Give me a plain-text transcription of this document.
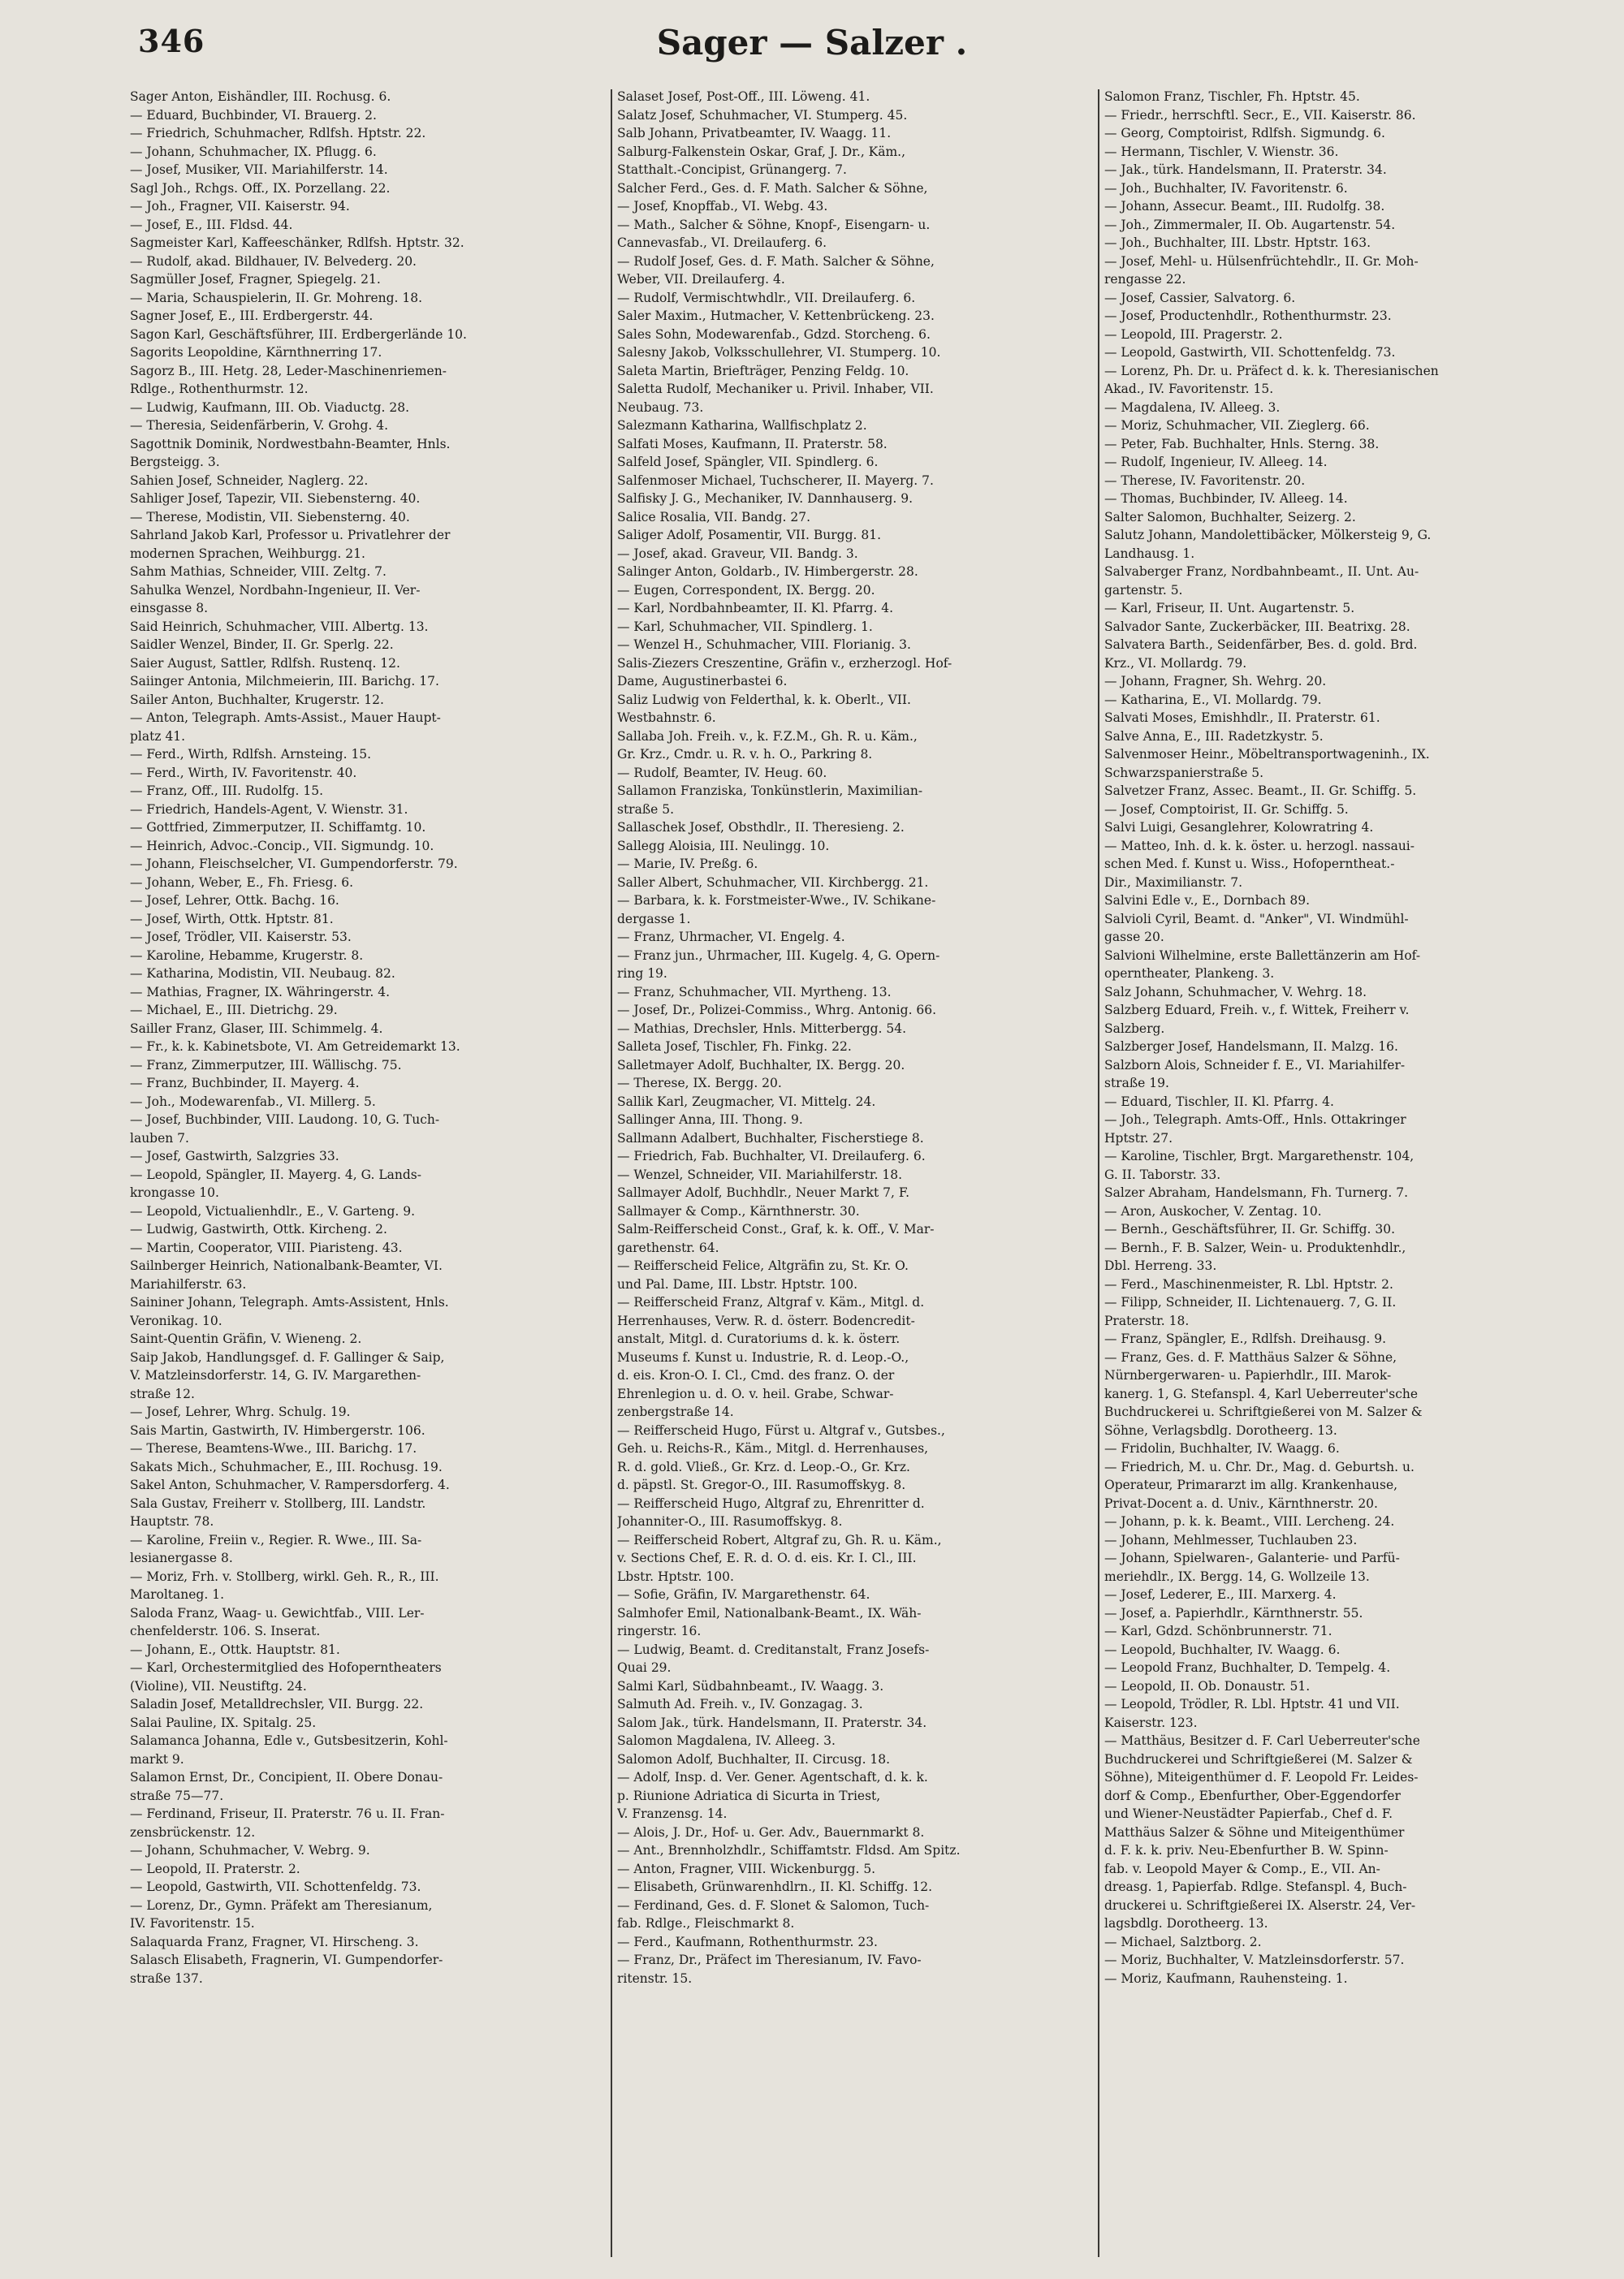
346	Sager — Salzer .

Sager Anton, Eishändler, III. Rochusg. 6.

— Eduard, Buchbinder, VI. Brauerg. 2.

— Friedrich, Schuhmacher, Rdlfsh. Hptstr. 22.

— Johann, Schuhmacher, IX. Pflugg. 6.

— Josef, Musiker, VII. Mariahilferstr. 14.

Sagl Joh., Rchgs. Off., IX. Porzellang. 22.

— Joh., Fragner, VII. Kaiserstr. 94.

— Josef, E., III. Fldsd. 44.

Sagmeister Karl, Kaffeeschänker, Rdlfsh. Hptstr. 32.

— Rudolf, akad. Bildhauer, IV. Belvederg. 20.

Sagmüller Josef, Fragner, Spiegelg. 21.

— Maria, Schauspielerin, II. Gr. Mohreng. 18.

Sagner Josef, E., III. Erdbergerstr. 44.

Sagon Karl, Geschäftsführer, III. Erdbergerlände 10.

Sagorits Leopoldine, Kärnthnerring 17.

Sagorz B., III. Hetg. 28, Leder-Maschinenriemen-

Rdlge., Rothenthurmstr. 12.

— Ludwig, Kaufmann, III. Ob. Viaductg. 28.

— Theresia, Seidenfärberin, V. Grohg. 4.

Sagottnik Dominik, Nordwestbahn-Beamter, Hnls.

Bergsteigg. 3.

Sahien Josef, Schneider, Naglerg. 22.

Sahliger Josef, Tapezir, VII. Siebensterng. 40.

— Therese, Modistin, VII. Siebensterng. 40.

Sahrland Jakob Karl, Professor u. Privatlehrer der

modernen Sprachen, Weihburgg. 21.

Sahm Mathias, Schneider, VIII. Zeltg. 7.

Sahulka Wenzel, Nordbahn-Ingenieur, II. Ver-

einsgasse 8.

Said Heinrich, Schuhmacher, VIII. Albertg. 13.

Saidler Wenzel, Binder, II. Gr. Sperlg. 22.

Saier August, Sattler, Rdlfsh. Rustenq. 12.

Saiinger Antonia, Milchmeierin, III. Barichg. 17.

Sailer Anton, Buchhalter, Krugerstr. 12.

— Anton, Telegraph. Amts-Assist., Mauer Haupt-

platz 41.

— Ferd., Wirth, Rdlfsh. Arnsteing. 15.

— Ferd., Wirth, IV. Favoritenstr. 40.

— Franz, Off., III. Rudolfg. 15.

— Friedrich, Handels-Agent, V. Wienstr. 31.

— Gottfried, Zimmerputzer, II. Schiffamtg. 10.

— Heinrich, Advoc.-Concip., VII. Sigmundg. 10.

— Johann, Fleischselcher, VI. Gumpendorferstr. 79.

— Johann, Weber, E., Fh. Friesg. 6.

— Josef, Lehrer, Ottk. Bachg. 16.

— Josef, Wirth, Ottk. Hptstr. 81.

— Josef, Trödler, VII. Kaiserstr. 53.

— Karoline, Hebamme, Krugerstr. 8.

— Katharina, Modistin, VII. Neubaug. 82.

— Mathias, Fragner, IX. Währingerstr. 4.

— Michael, E., III. Dietrichg. 29.

Sailler Franz, Glaser, III. Schimmelg. 4.

— Fr., k. k. Kabinetsbote, VI. Am Getreidemarkt 13.

— Franz, Zimmerputzer, III. Wällischg. 75.

— Franz, Buchbinder, II. Mayerg. 4.

— Joh., Modewarenfab., VI. Millerg. 5.

— Josef, Buchbinder, VIII. Laudong. 10, G. Tuch-

lauben 7.

— Josef, Gastwirth, Salzgries 33.

— Leopold, Spängler, II. Mayerg. 4, G. Lands-

krongasse 10.

— Leopold, Victualienhdlr., E., V. Garteng. 9.

— Ludwig, Gastwirth, Ottk. Kircheng. 2.

— Martin, Cooperator, VIII. Piaristeng. 43.

Sailnberger Heinrich, Nationalbank-Beamter, VI.

Mariahilferstr. 63.

Saininer Johann, Telegraph. Amts-Assistent, Hnls.

Veronikag. 10.

Saint-Quentin Gräfin, V. Wieneng. 2.

Saip Jakob, Handlungsgef. d. F. Gallinger & Saip,

V. Matzleinsdorferstr. 14, G. IV. Margarethen-

straße 12.

— Josef, Lehrer, Whrg. Schulg. 19.

Sais Martin, Gastwirth, IV. Himbergerstr. 106.

— Therese, Beamtens-Wwe., III. Barichg. 17.

Sakats Mich., Schuhmacher, E., III. Rochusg. 19.

Sakel Anton, Schuhmacher, V. Rampersdorferg. 4.

Sala Gustav, Freiherr v. Stollberg, III. Landstr.

Hauptstr. 78.

— Karoline, Freiin v., Regier. R. Wwe., III. Sa-

lesianergasse 8.

— Moriz, Frh. v. Stollberg, wirkl. Geh. R., R., III.

Maroltaneg. 1.

Saloda Franz, Waag- u. Gewichtfab., VIII. Ler-

chenfelderstr. 106. S. Inserat.

— Johann, E., Ottk. Hauptstr. 81.

— Karl, Orchestermitglied des Hofoperntheaters

(Violine), VII. Neustiftg. 24.

Saladin Josef, Metalldrechsler, VII. Burgg. 22.

Salai Pauline, IX. Spitalg. 25.

Salamanca Johanna, Edle v., Gutsbesitzerin, Kohl-

markt 9.

Salamon Ernst, Dr., Concipient, II. Obere Donau-

straße 75—77.

— Ferdinand, Friseur, II. Praterstr. 76 u. II. Fran-

zensbrückenstr. 12.

— Johann, Schuhmacher, V. Webrg. 9.

— Leopold, II. Praterstr. 2.

— Leopold, Gastwirth, VII. Schottenfeldg. 73.

— Lorenz, Dr., Gymn. Präfekt am Theresianum,

IV. Favoritenstr. 15.

Salaquarda Franz, Fragner, VI. Hirscheng. 3.

Salasch Elisabeth, Fragnerin, VI. Gumpendorfer-

straße 137.

Salaset Josef, Post-Off., III. Löweng. 41.

Salatz Josef, Schuhmacher, VI. Stumperg. 45.

Salb Johann, Privatbeamter, IV. Waagg. 11.

Salburg-Falkenstein Oskar, Graf, J. Dr., Käm.,

Statthalt.-Concipist, Grünangerg. 7.

Salcher Ferd., Ges. d. F. Math. Salcher & Söhne,

— Josef, Knopffab., VI. Webg. 43.

— Math., Salcher & Söhne, Knopf-, Eisengarn- u.

Cannevasfab., VI. Dreilauferg. 6.

— Rudolf Josef, Ges. d. F. Math. Salcher & Söhne,

Weber, VII. Dreilauferg. 4.

— Rudolf, Vermischtwhdlr., VII. Dreilauferg. 6.

Saler Maxim., Hutmacher, V. Kettenbrückeng. 23.

Sales Sohn, Modewarenfab., Gdzd. Storcheng. 6.

Salesny Jakob, Volksschullehrer, VI. Stumperg. 10.

Saleta Martin, Briefträger, Penzing Feldg. 10.

Saletta Rudolf, Mechaniker u. Privil. Inhaber, VII.

Neubaug. 73.

Salezmann Katharina, Wallfischplatz 2.

Salfati Moses, Kaufmann, II. Praterstr. 58.

Salfeld Josef, Spängler, VII. Spindlerg. 6.

Salfenmoser Michael, Tuchscherer, II. Mayerg. 7.

Salfisky J. G., Mechaniker, IV. Dannhauserg. 9.

Salice Rosalia, VII. Bandg. 27.

Saliger Adolf, Posamentir, VII. Burgg. 81.

— Josef, akad. Graveur, VII. Bandg. 3.

Salinger Anton, Goldarb., IV. Himbergerstr. 28.

— Eugen, Correspondent, IX. Bergg. 20.

— Karl, Nordbahnbeamter, II. Kl. Pfarrg. 4.

— Karl, Schuhmacher, VII. Spindlerg. 1.

— Wenzel H., Schuhmacher, VIII. Florianig. 3.

Salis-Ziezers Creszentine, Gräfin v., erzherzogl. Hof-

Dame, Augustinerbastei 6.

Saliz Ludwig von Felderthal, k. k. Oberlt., VII.

Westbahnstr. 6.

Sallaba Joh. Freih. v., k. F.Z.M., Gh. R. u. Käm.,

Gr. Krz., Cmdr. u. R. v. h. O., Parkring 8.

— Rudolf, Beamter, IV. Heug. 60.

Sallamon Franziska, Tonkünstlerin, Maximilian-

straße 5.

Sallaschek Josef, Obsthdlr., II. Theresieng. 2.

Sallegg Aloisia, III. Neulingg. 10.

— Marie, IV. Preßg. 6.

Saller Albert, Schuhmacher, VII. Kirchbergg. 21.

— Barbara, k. k. Forstmeister-Wwe., IV. Schikane-

dergasse 1.

— Franz, Uhrmacher, VI. Engelg. 4.

— Franz jun., Uhrmacher, III. Kugelg. 4, G. Opern-

ring 19.

— Franz, Schuhmacher, VII. Myrtheng. 13.

— Josef, Dr., Polizei-Commiss., Whrg. Antonig. 66.

— Mathias, Drechsler, Hnls. Mitterbergg. 54.

Salleta Josef, Tischler, Fh. Finkg. 22.

Salletmayer Adolf, Buchhalter, IX. Bergg. 20.

— Therese, IX. Bergg. 20.

Sallik Karl, Zeugmacher, VI. Mittelg. 24.

Sallinger Anna, III. Thong. 9.

Sallmann Adalbert, Buchhalter, Fischerstiege 8.

— Friedrich, Fab. Buchhalter, VI. Dreilauferg. 6.

— Wenzel, Schneider, VII. Mariahilferstr. 18.

Sallmayer Adolf, Buchhdlr., Neuer Markt 7, F.

Sallmayer & Comp., Kärnthnerstr. 30.

Salm-Reifferscheid Const., Graf, k. k. Off., V. Mar-

garethenstr. 64.

— Reifferscheid Felice, Altgräfin zu, St. Kr. O.

und Pal. Dame, III. Lbstr. Hptstr. 100.

— Reifferscheid Franz, Altgraf v. Käm., Mitgl. d.

Herrenhauses, Verw. R. d. österr. Bodencredit-

anstalt, Mitgl. d. Curatoriums d. k. k. österr.

Museums f. Kunst u. Industrie, R. d. Leop.-O.,

d. eis. Kron-O. I. Cl., Cmd. des franz. O. der

Ehrenlegion u. d. O. v. heil. Grabe, Schwar-

zenbergstraße 14.

— Reifferscheid Hugo, Fürst u. Altgraf v., Gutsbes.,

Geh. u. Reichs-R., Käm., Mitgl. d. Herrenhauses,

R. d. gold. Vließ., Gr. Krz. d. Leop.-O., Gr. Krz.

d. päpstl. St. Gregor-O., III. Rasumoffskyg. 8.

— Reifferscheid Hugo, Altgraf zu, Ehrenritter d.

Johanniter-O., III. Rasumoffskyg. 8.

— Reifferscheid Robert, Altgraf zu, Gh. R. u. Käm.,

v. Sections Chef, E. R. d. O. d. eis. Kr. I. Cl., III.

Lbstr. Hptstr. 100.

— Sofie, Gräfin, IV. Margarethenstr. 64.

Salmhofer Emil, Nationalbank-Beamt., IX. Wäh-

ringerstr. 16.

— Ludwig, Beamt. d. Creditanstalt, Franz Josefs-

Quai 29.

Salmi Karl, Südbahnbeamt., IV. Waagg. 3.

Salmuth Ad. Freih. v., IV. Gonzagag. 3.

Salom Jak., türk. Handelsmann, II. Praterstr. 34.

Salomon Magdalena, IV. Alleeg. 3.

Salomon Adolf, Buchhalter, II. Circusg. 18.

— Adolf, Insp. d. Ver. Gener. Agentschaft, d. k. k.

p. Riunione Adriatica di Sicurta in Triest,

V. Franzensg. 14.

— Alois, J. Dr., Hof- u. Ger. Adv., Bauernmarkt 8.

— Ant., Brennholzhdlr., Schiffamtstr. Fldsd. Am Spitz.

— Anton, Fragner, VIII. Wickenburgg. 5.

— Elisabeth, Grünwarenhdlrn., II. Kl. Schiffg. 12.

— Ferdinand, Ges. d. F. Slonet & Salomon, Tuch-

fab. Rdlge., Fleischmarkt 8.

— Ferd., Kaufmann, Rothenthurmstr. 23.

— Franz, Dr., Präfect im Theresianum, IV. Favo-

ritenstr. 15.

Salomon Franz, Tischler, Fh. Hptstr. 45.

— Friedr., herrschftl. Secr., E., VII. Kaiserstr. 86.

— Georg, Comptoirist, Rdlfsh. Sigmundg. 6.

— Hermann, Tischler, V. Wienstr. 36.

— Jak., türk. Handelsmann, II. Praterstr. 34.

— Joh., Buchhalter, IV. Favoritenstr. 6.

— Johann, Assecur. Beamt., III. Rudolfg. 38.

— Joh., Zimmermaler, II. Ob. Augartenstr. 54.

— Joh., Buchhalter, III. Lbstr. Hptstr. 163.

— Josef, Mehl- u. Hülsenfrüchtehdlr., II. Gr. Moh-

rengasse 22.

— Josef, Cassier, Salvatorg. 6.

— Josef, Productenhdlr., Rothenthurmstr. 23.

— Leopold, III. Pragerstr. 2.

— Leopold, Gastwirth, VII. Schottenfeldg. 73.

— Lorenz, Ph. Dr. u. Präfect d. k. k. Theresianischen

Akad., IV. Favoritenstr. 15.

— Magdalena, IV. Alleeg. 3.

— Moriz, Schuhmacher, VII. Zieglerg. 66.

— Peter, Fab. Buchhalter, Hnls. Sterng. 38.

— Rudolf, Ingenieur, IV. Alleeg. 14.

— Therese, IV. Favoritenstr. 20.

— Thomas, Buchbinder, IV. Alleeg. 14.

Salter Salomon, Buchhalter, Seizerg. 2.

Salutz Johann, Mandolettibäcker, Mölkersteig 9, G.

Landhausg. 1.

Salvaberger Franz, Nordbahnbeamt., II. Unt. Au-

gartenstr. 5.

— Karl, Friseur, II. Unt. Augartenstr. 5.

Salvador Sante, Zuckerbäcker, III. Beatrixg. 28.

Salvatera Barth., Seidenfärber, Bes. d. gold. Brd.

Krz., VI. Mollardg. 79.

— Johann, Fragner, Sh. Wehrg. 20.

— Katharina, E., VI. Mollardg. 79.

Salvati Moses, Emishhdlr., II. Praterstr. 61.

Salve Anna, E., III. Radetzkystr. 5.

Salvenmoser Heinr., Möbeltransportwageninh., IX.

Schwarzspanierstraße 5.

Salvetzer Franz, Assec. Beamt., II. Gr. Schiffg. 5.

— Josef, Comptoirist, II. Gr. Schiffg. 5.

Salvi Luigi, Gesanglehrer, Kolowratring 4.

— Matteo, Inh. d. k. k. öster. u. herzogl. nassaui-

schen Med. f. Kunst u. Wiss., Hofoperntheat.-

Dir., Maximilianstr. 7.

Salvini Edle v., E., Dornbach 89.

Salvioli Cyril, Beamt. d. "Anker", VI. Windmühl-

gasse 20.

Salvioni Wilhelmine, erste Ballettänzerin am Hof-

operntheater, Plankeng. 3.

Salz Johann, Schuhmacher, V. Wehrg. 18.

Salzberg Eduard, Freih. v., f. Wittek, Freiherr v.

Salzberg.

Salzberger Josef, Handelsmann, II. Malzg. 16.

Salzborn Alois, Schneider f. E., VI. Mariahilfer-

straße 19.

— Eduard, Tischler, II. Kl. Pfarrg. 4.

— Joh., Telegraph. Amts-Off., Hnls. Ottakringer

Hptstr. 27.

— Karoline, Tischler, Brgt. Margarethenstr. 104,

G. II. Taborstr. 33.

Salzer Abraham, Handelsmann, Fh. Turnerg. 7.

— Aron, Auskocher, V. Zentag. 10.

— Bernh., Geschäftsführer, II. Gr. Schiffg. 30.

— Bernh., F. B. Salzer, Wein- u. Produktenhdlr.,

Dbl. Herreng. 33.

— Ferd., Maschinenmeister, R. Lbl. Hptstr. 2.

— Filipp, Schneider, II. Lichtenauerg. 7, G. II.

Praterstr. 18.

— Franz, Spängler, E., Rdlfsh. Dreihausg. 9.

— Franz, Ges. d. F. Matthäus Salzer & Söhne,

Nürnbergerwaren- u. Papierhdlr., III. Marok-

kanerg. 1, G. Stefanspl. 4, Karl Ueberreuter'sche

Buchdruckerei u. Schriftgießerei von M. Salzer &

Söhne, Verlagsbdlg. Dorotheerg. 13.

— Fridolin, Buchhalter, IV. Waagg. 6.

— Friedrich, M. u. Chr. Dr., Mag. d. Geburtsh. u.

Operateur, Primararzt im allg. Krankenhause,

Privat-Docent a. d. Univ., Kärnthnerstr. 20.

— Johann, p. k. k. Beamt., VIII. Lercheng. 24.

— Johann, Mehlmesser, Tuchlauben 23.

— Johann, Spielwaren-, Galanterie- und Parfü-

meriehdlr., IX. Bergg. 14, G. Wollzeile 13.

— Josef, Lederer, E., III. Marxerg. 4.

— Josef, a. Papierhdlr., Kärnthnerstr. 55.

— Karl, Gdzd. Schönbrunnerstr. 71.

— Leopold, Buchhalter, IV. Waagg. 6.

— Leopold Franz, Buchhalter, D. Tempelg. 4.

— Leopold, II. Ob. Donaustr. 51.

— Leopold, Trödler, R. Lbl. Hptstr. 41 und VII.

Kaiserstr. 123.

— Matthäus, Besitzer d. F. Carl Ueberreuter'sche

Buchdruckerei und Schriftgießerei (M. Salzer &

Söhne), Miteigenthümer d. F. Leopold Fr. Leides-

dorf & Comp., Ebenfurther, Ober-Eggendorfer

und Wiener-Neustädter Papierfab., Chef d. F.

Matthäus Salzer & Söhne und Miteigenthümer

d. F. k. k. priv. Neu-Ebenfurther B. W. Spinn-

fab. v. Leopold Mayer & Comp., E., VII. An-

dreasg. 1, Papierfab. Rdlge. Stefanspl. 4, Buch-

druckerei u. Schriftgießerei IX. Alserstr. 24, Ver-

lagsbdlg. Dorotheerg. 13.

— Michael, Salztborg. 2.

— Moriz, Buchhalter, V. Matzleinsdorferstr. 57.

— Moriz, Kaufmann, Rauhensteing. 1.
